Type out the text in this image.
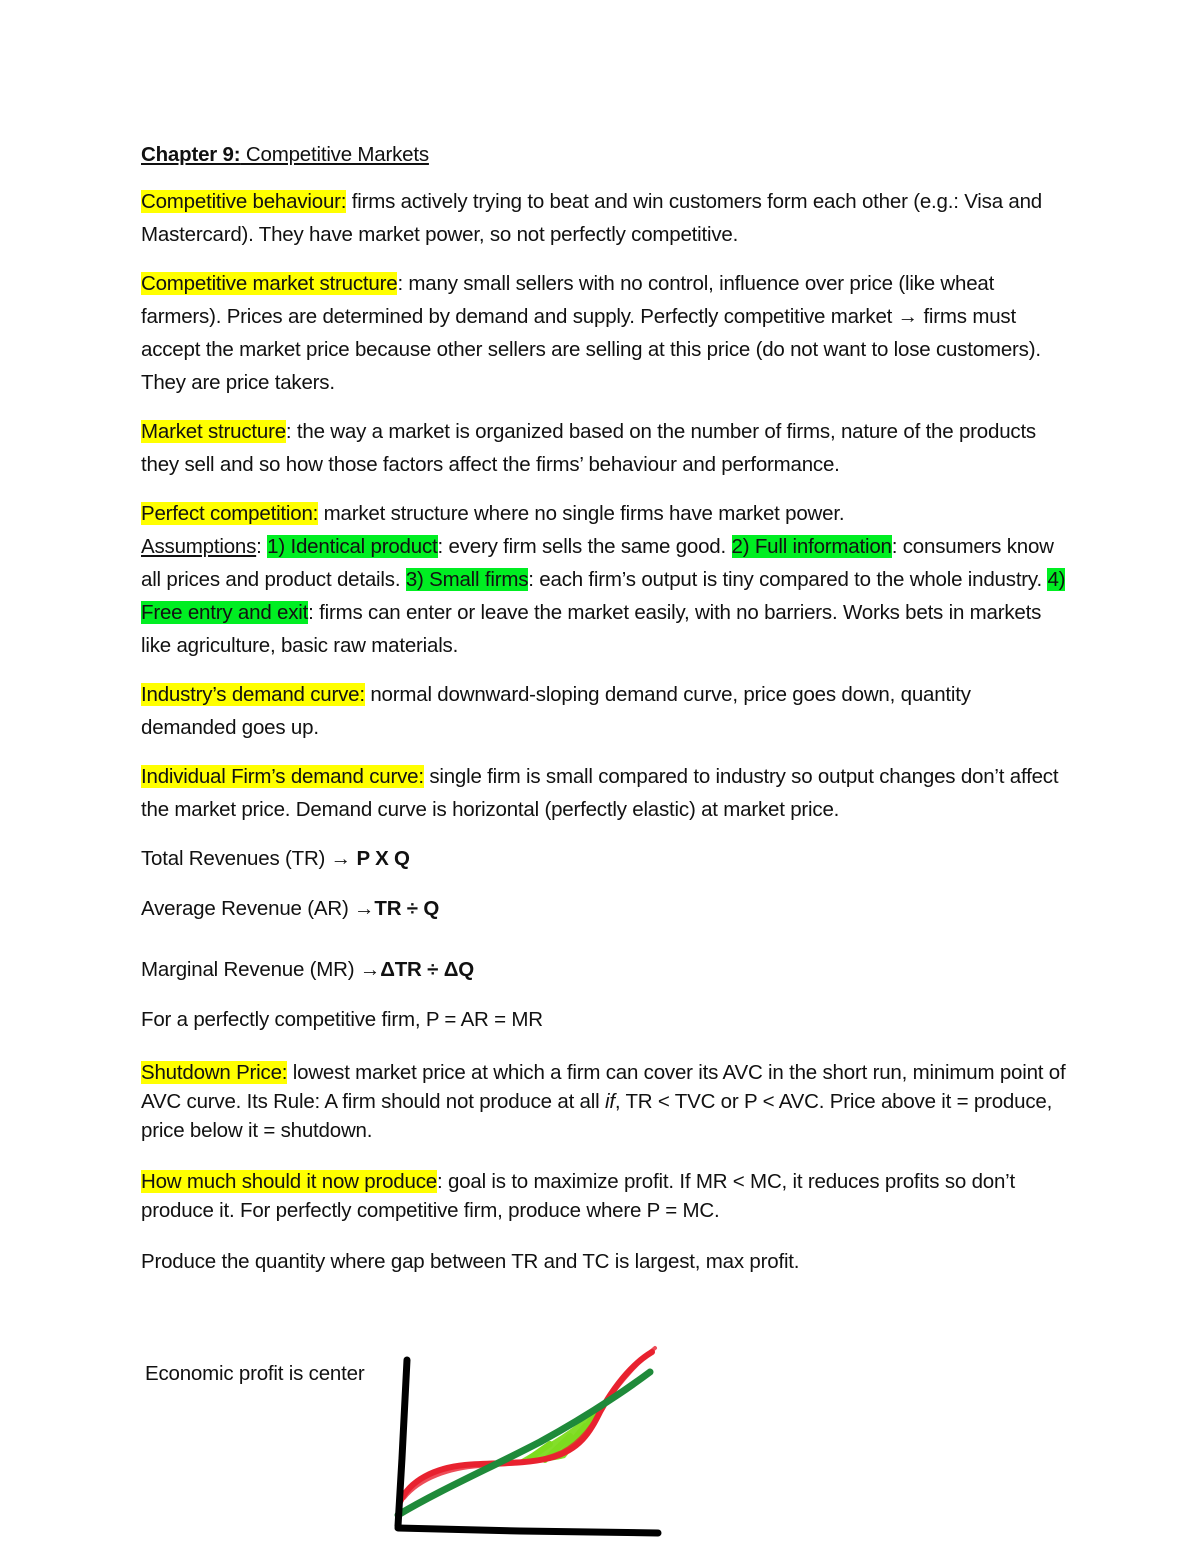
Chapter 9: Competitive Markets

Competitive behaviour: firms actively trying to beat and win customers form each other (e.g.: Visa and Mastercard). They have market power, so not perfectly competitive.

Competitive market structure: many small sellers with no control, influence over price (like wheat farmers). Prices are determined by demand and supply. Perfectly competitive market → firms must accept the market price because other sellers are selling at this price (do not want to lose customers). They are price takers.

Market structure: the way a market is organized based on the number of firms, nature of the products they sell and so how those factors affect the firms’ behaviour and performance.

Perfect competition: market structure where no single firms have market power.
Assumptions: 1) Identical product: every firm sells the same good. 2) Full information: consumers know all prices and product details. 3) Small firms: each firm’s output is tiny compared to the whole industry. 4) Free entry and exit: firms can enter or leave the market easily, with no barriers. Works bets in markets like agriculture, basic raw materials.

Industry’s demand curve: normal downward-sloping demand curve, price goes down, quantity demanded goes up.

Individual Firm’s demand curve: single firm is small compared to industry so output changes don’t affect the market price. Demand curve is horizontal (perfectly elastic) at market price.

Total Revenues (TR) → P X Q

Average Revenue (AR) →TR ÷ Q

Marginal Revenue (MR) →ΔTR ÷ ΔQ

For a perfectly competitive firm, P = AR = MR

Shutdown Price: lowest market price at which a firm can cover its AVC in the short run, minimum point of AVC curve. Its Rule: A firm should not produce at all if, TR < TVC or P < AVC. Price above it = produce, price below it = shutdown.

How much should it now produce: goal is to maximize profit. If MR < MC, it reduces profits so don’t produce it. For perfectly competitive firm, produce where P = MC.

Produce the quantity where gap between TR and TC is largest, max profit.

Economic profit is center
